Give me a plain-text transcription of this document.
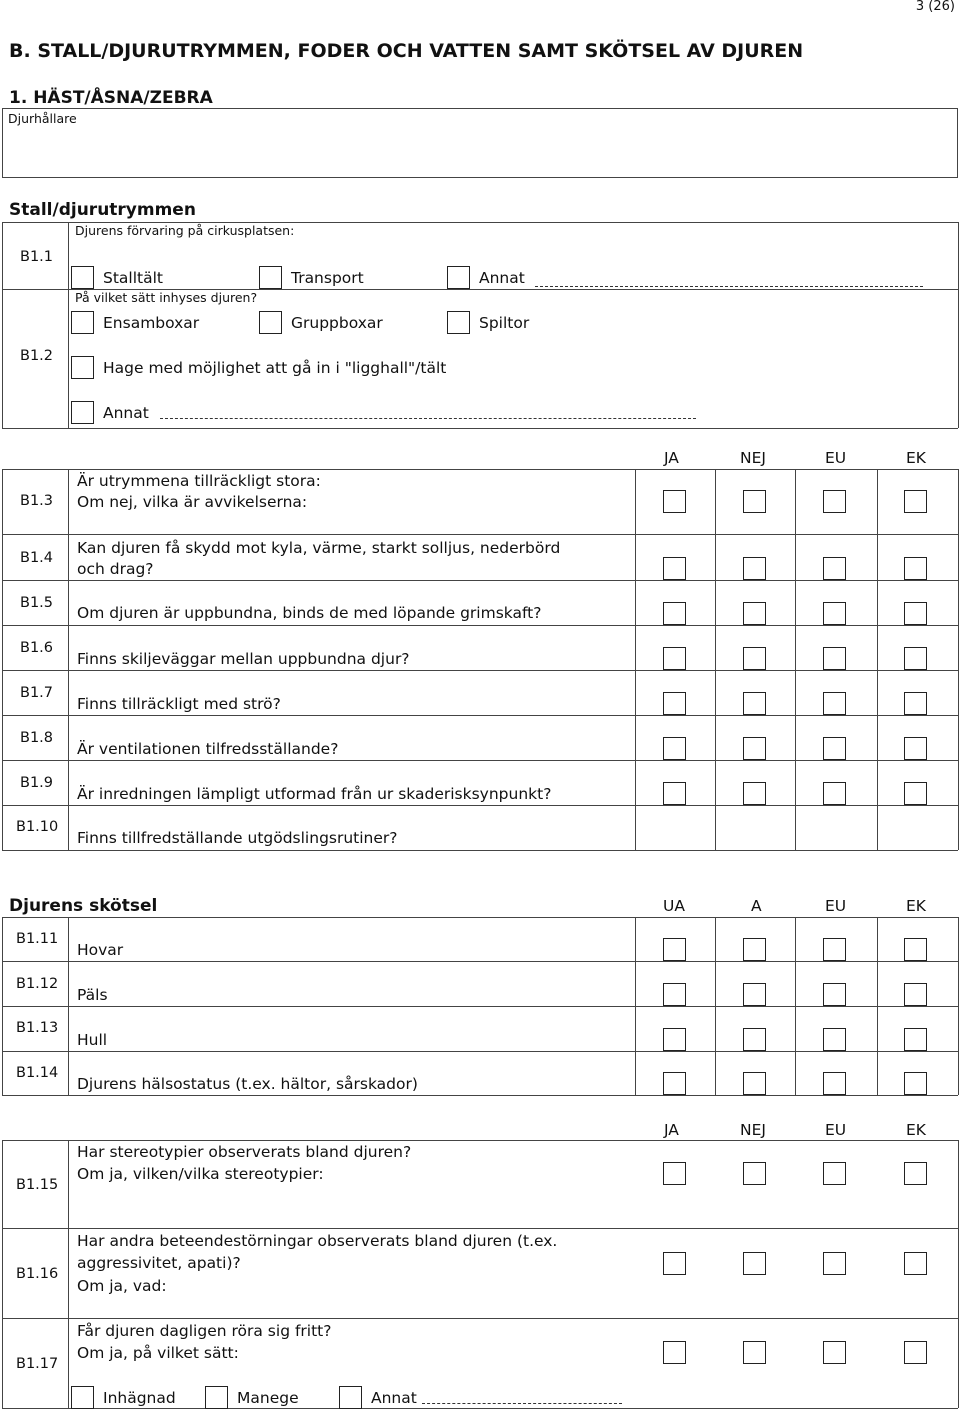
3 (26)
B. STALL/DJURUTRYMMEN, FODER OCH VATTEN SAMT SKÖTSEL AV DJUREN
1. HÄST/ÅSNA/ZEBRA
Djurhållare
Stall/djurutrymmen
B1.1
Djurens förvaring på cirkusplatsen:
Stalltält	Transport	Annat
B1.2
På vilket sätt inhyses djuren?
Ensamboxar	Gruppboxar	Spiltor
Hage med möjlighet att gå in i "ligghall"/tält
Annat
JA	NEJ	EU	EK
B1.3
Är utrymmena tillräckligt stora:
Om nej, vilka är avvikelserna:
B1.4
Kan djuren få skydd mot kyla, värme, starkt solljus, nederbörd
och drag?
B1.5
Om djuren är uppbundna, binds de med löpande grimskaft?
B1.6
Finns skiljeväggar mellan uppbundna djur?
B1.7
Finns tillräckligt med strö?
B1.8
Är ventilationen tilfredsställande?
B1.9
Är inredningen lämpligt utformad från ur skaderisksynpunkt?
B1.10
Finns tillfredställande utgödslingsrutiner?
Djurens skötsel	UA	A	EU	EK
B1.11
Hovar
B1.12
Päls
B1.13
Hull
B1.14
Djurens hälsostatus (t.ex. hältor, sårskador)
JA	NEJ	EU	EK
B1.15
Har stereotypier observerats bland djuren?
Om ja, vilken/vilka stereotypier:
B1.16
Har andra beteendestörningar observerats bland djuren (t.ex.
aggressivitet, apati)?
Om ja, vad:
B1.17
Får djuren dagligen röra sig fritt?
Om ja, på vilket sätt:
Inhägnad	Manege	Annat
